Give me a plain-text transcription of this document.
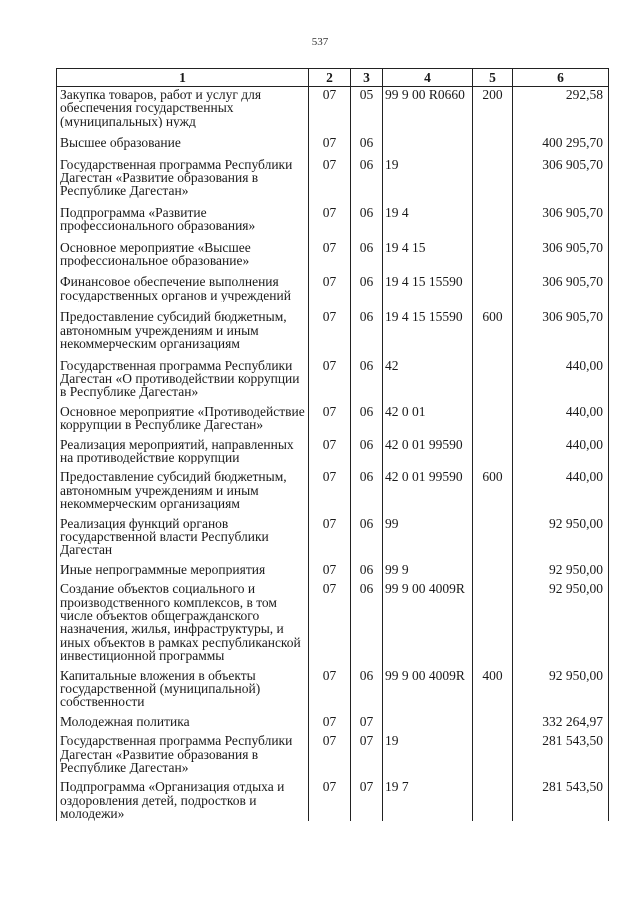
537
1	2	3	4	5	6
Закупка товаров, работ и услуг для обеспечения государственных (муниципальных) нужд	07	05	99 9 00 R0660	200	292,58
Высшее образование	07	06			400 295,70
Государственная программа Республики Дагестан «Развитие образования в Республике Дагестан»	07	06	19		306 905,70
Подпрограмма «Развитие профессионального образования»	07	06	19 4		306 905,70
Основное мероприятие «Высшее профессиональное образование»	07	06	19 4 15		306 905,70
Финансовое обеспечение выполнения государственных органов и учреждений	07	06	19 4 15 15590		306 905,70
Предоставление субсидий бюджетным, автономным учреждениям и иным некоммерческим организациям	07	06	19 4 15 15590	600	306 905,70
Государственная программа Республики Дагестан «О противодействии коррупции в Республике Дагестан»	07	06	42		440,00
Основное мероприятие «Противодействие коррупции в Республике Дагестан»	07	06	42 0 01		440,00
Реализация мероприятий, направленных на противодействие коррупции	07	06	42 0 01 99590		440,00
Предоставление субсидий бюджетным, автономным учреждениям и иным некоммерческим организациям	07	06	42 0 01 99590	600	440,00
Реализация функций органов государственной власти Республики Дагестан	07	06	99		92 950,00
Иные непрограммные мероприятия	07	06	99 9		92 950,00
Создание объектов социального и производственного комплексов, в том числе объектов общегражданского назначения, жилья, инфраструктуры, и иных объектов в рамках республиканской инвестиционной программы	07	06	99 9 00 4009R		92 950,00
Капитальные вложения в объекты государственной (муниципальной) собственности	07	06	99 9 00 4009R	400	92 950,00
Молодежная политика	07	07			332 264,97
Государственная программа Республики Дагестан «Развитие образования в Республике Дагестан»	07	07	19		281 543,50
Подпрограмма «Организация отдыха и оздоровления детей, подростков и молодежи»	07	07	19 7		281 543,50
